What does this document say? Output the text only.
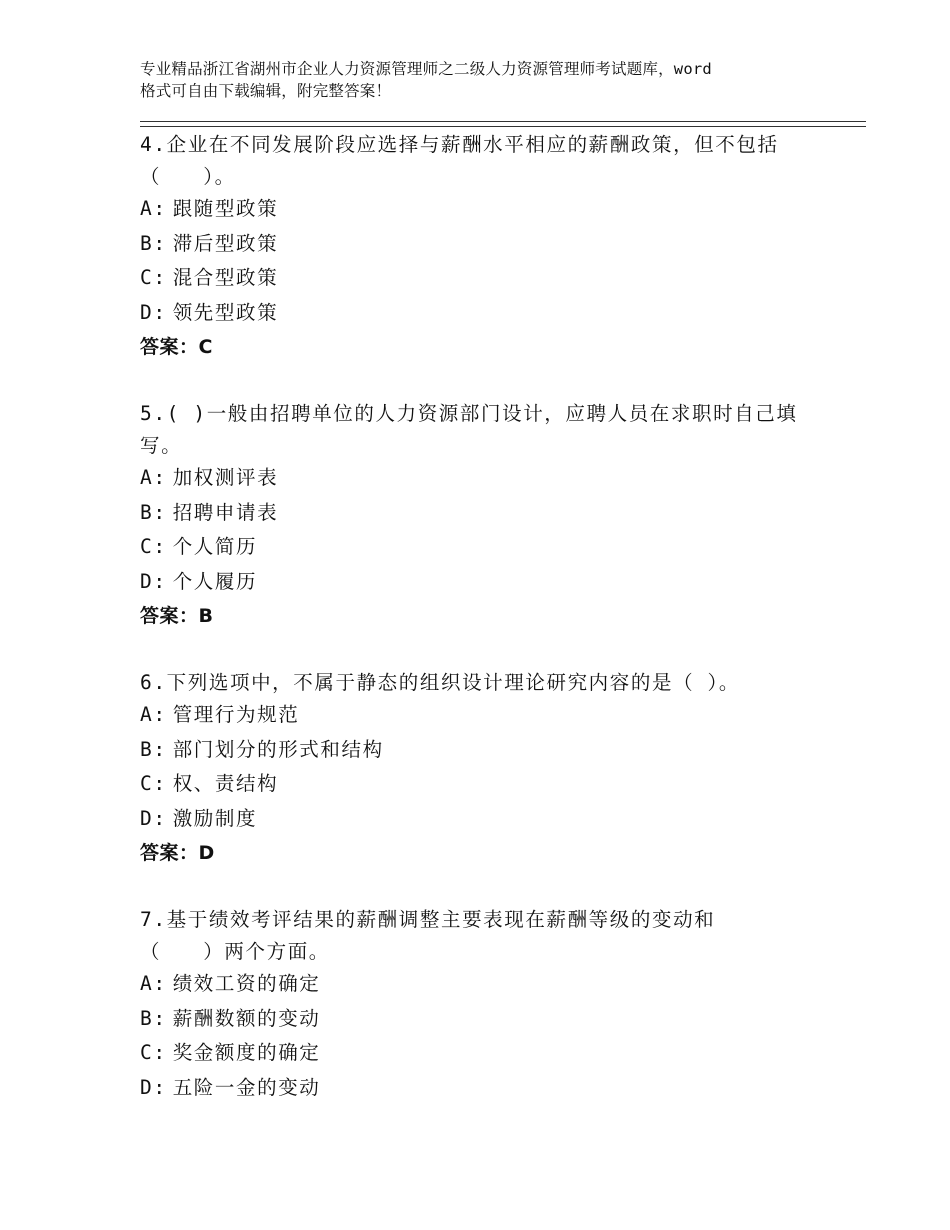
专业精品浙江省湖州市企业人力资源管理师之二级人力资源管理师考试题库，word
格式可自由下载编辑，附完整答案！
4.企业在不同发展阶段应选择与薪酬水平相应的薪酬政策，但不包括
（　　）。
A: 跟随型政策
B: 滞后型政策
C: 混合型政策
D: 领先型政策
答案：C
5.( )一般由招聘单位的人力资源部门设计，应聘人员在求职时自己填
写。
A: 加权测评表
B: 招聘申请表
C: 个人简历
D: 个人履历
答案：B
6.下列选项中，不属于静态的组织设计理论研究内容的是（ ）。
A: 管理行为规范
B: 部门划分的形式和结构
C: 权、责结构
D: 激励制度
答案：D
7.基于绩效考评结果的薪酬调整主要表现在薪酬等级的变动和
（　　）两个方面。
A: 绩效工资的确定
B: 薪酬数额的变动
C: 奖金额度的确定
D: 五险一金的变动
